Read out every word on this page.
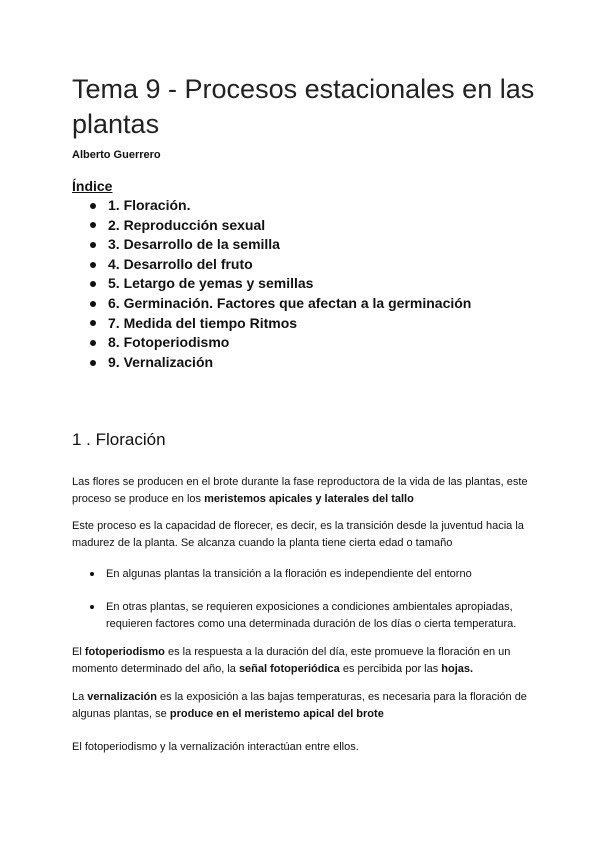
Tema 9 - Procesos estacionales en las plantas
Alberto Guerrero
Índice
1. Floración.
2. Reproducción sexual
3. Desarrollo de la semilla
4. Desarrollo del fruto
5. Letargo de yemas y semillas
6. Germinación. Factores que afectan a la germinación
7. Medida del tiempo Ritmos
8. Fotoperiodismo
9. Vernalización
1 . Floración

Las flores se producen en el brote durante la fase reproductora de la vida de las plantas, este proceso se produce en los meristemos apicales y laterales del tallo

Este proceso es la capacidad de florecer, es decir, es la transición desde la juventud hacia la madurez de la planta. Se alcanza cuando la planta tiene cierta edad o tamaño

En algunas plantas la transición a la floración es independiente del entorno
En otras plantas, se requieren exposiciones a condiciones ambientales apropiadas, requieren factores como una determinada duración de los días o cierta temperatura.

El fotoperiodismo es la respuesta a la duración del día, este promueve la floración en un momento determinado del año, la señal fotoperiódica es percibida por las hojas.

La vernalización es la exposición a las bajas temperaturas, es necesaria para la floración de algunas plantas, se produce en el meristemo apical del brote

El fotoperiodismo y la vernalización interactúan entre ellos.
